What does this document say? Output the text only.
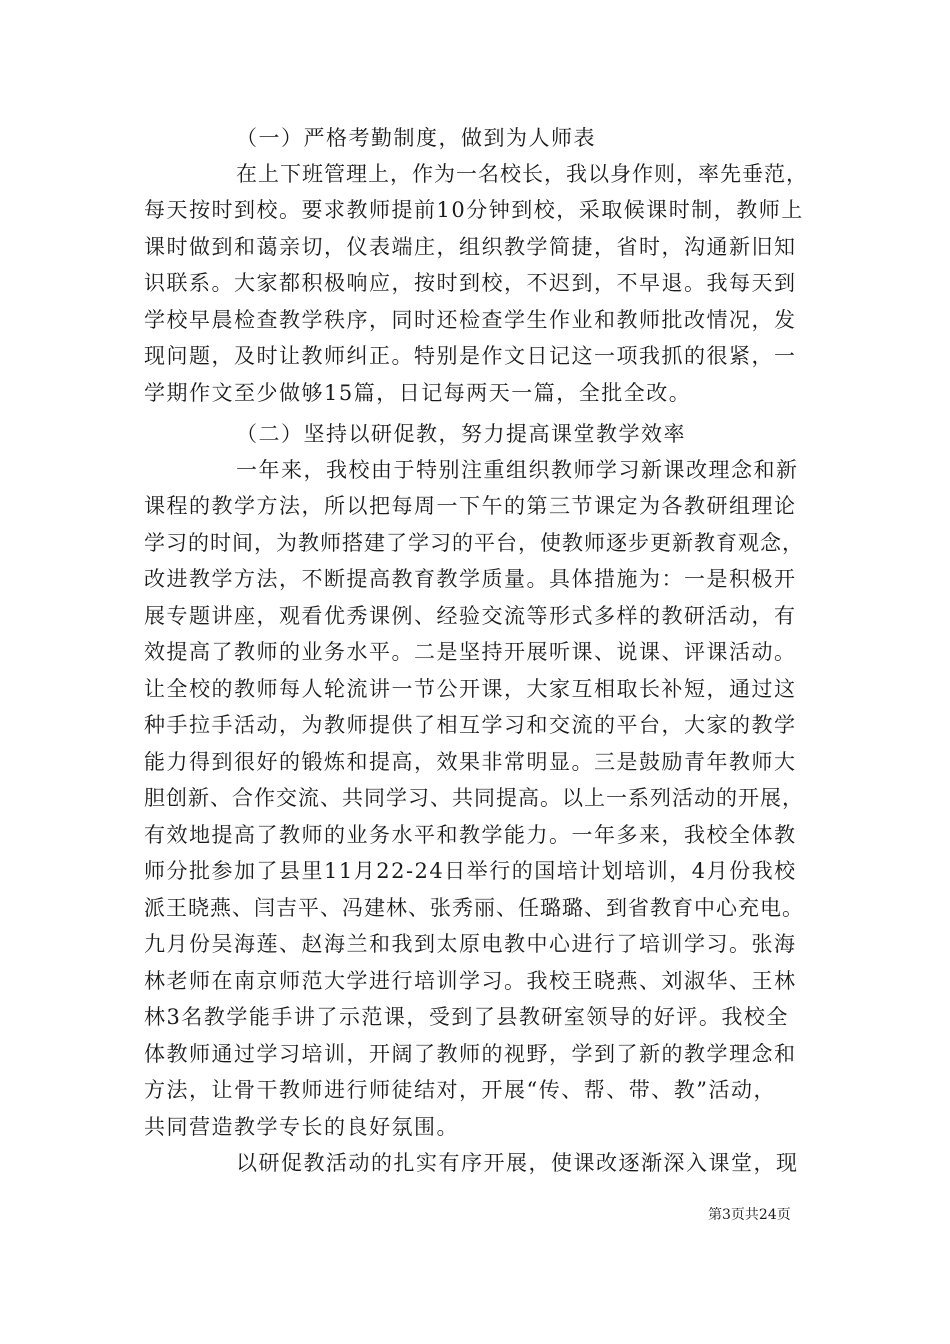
（一）严格考勤制度，做到为人师表
在上下班管理上，作为一名校长，我以身作则，率先垂范，
每天按时到校。要求教师提前10分钟到校，采取候课时制，教师上
课时做到和蔼亲切，仪表端庄，组织教学简捷，省时，沟通新旧知
识联系。大家都积极响应，按时到校，不迟到，不早退。我每天到
学校早晨检查教学秩序，同时还检查学生作业和教师批改情况，发
现问题，及时让教师纠正。特别是作文日记这一项我抓的很紧，一
学期作文至少做够15篇，日记每两天一篇，全批全改。
（二）坚持以研促教，努力提高课堂教学效率
一年来，我校由于特别注重组织教师学习新课改理念和新
课程的教学方法，所以把每周一下午的第三节课定为各教研组理论
学习的时间，为教师搭建了学习的平台，使教师逐步更新教育观念，
改进教学方法，不断提高教育教学质量。具体措施为：一是积极开
展专题讲座，观看优秀课例、经验交流等形式多样的教研活动，有
效提高了教师的业务水平。二是坚持开展听课、说课、评课活动。
让全校的教师每人轮流讲一节公开课，大家互相取长补短，通过这
种手拉手活动，为教师提供了相互学习和交流的平台，大家的教学
能力得到很好的锻炼和提高，效果非常明显。三是鼓励青年教师大
胆创新、合作交流、共同学习、共同提高。以上一系列活动的开展，
有效地提高了教师的业务水平和教学能力。一年多来，我校全体教
师分批参加了县里11月22-24日举行的国培计划培训，4月份我校
派王晓燕、闫吉平、冯建林、张秀丽、任璐璐、到省教育中心充电。
九月份吴海莲、赵海兰和我到太原电教中心进行了培训学习。张海
林老师在南京师范大学进行培训学习。我校王晓燕、刘淑华、王林
林3名教学能手讲了示范课，受到了县教研室领导的好评。我校全
体教师通过学习培训，开阔了教师的视野，学到了新的教学理念和
方法，让骨干教师进行师徒结对，开展“传、帮、带、教”活动，
共同营造教学专长的良好氛围。
以研促教活动的扎实有序开展，使课改逐渐深入课堂，现
第3页共24页
